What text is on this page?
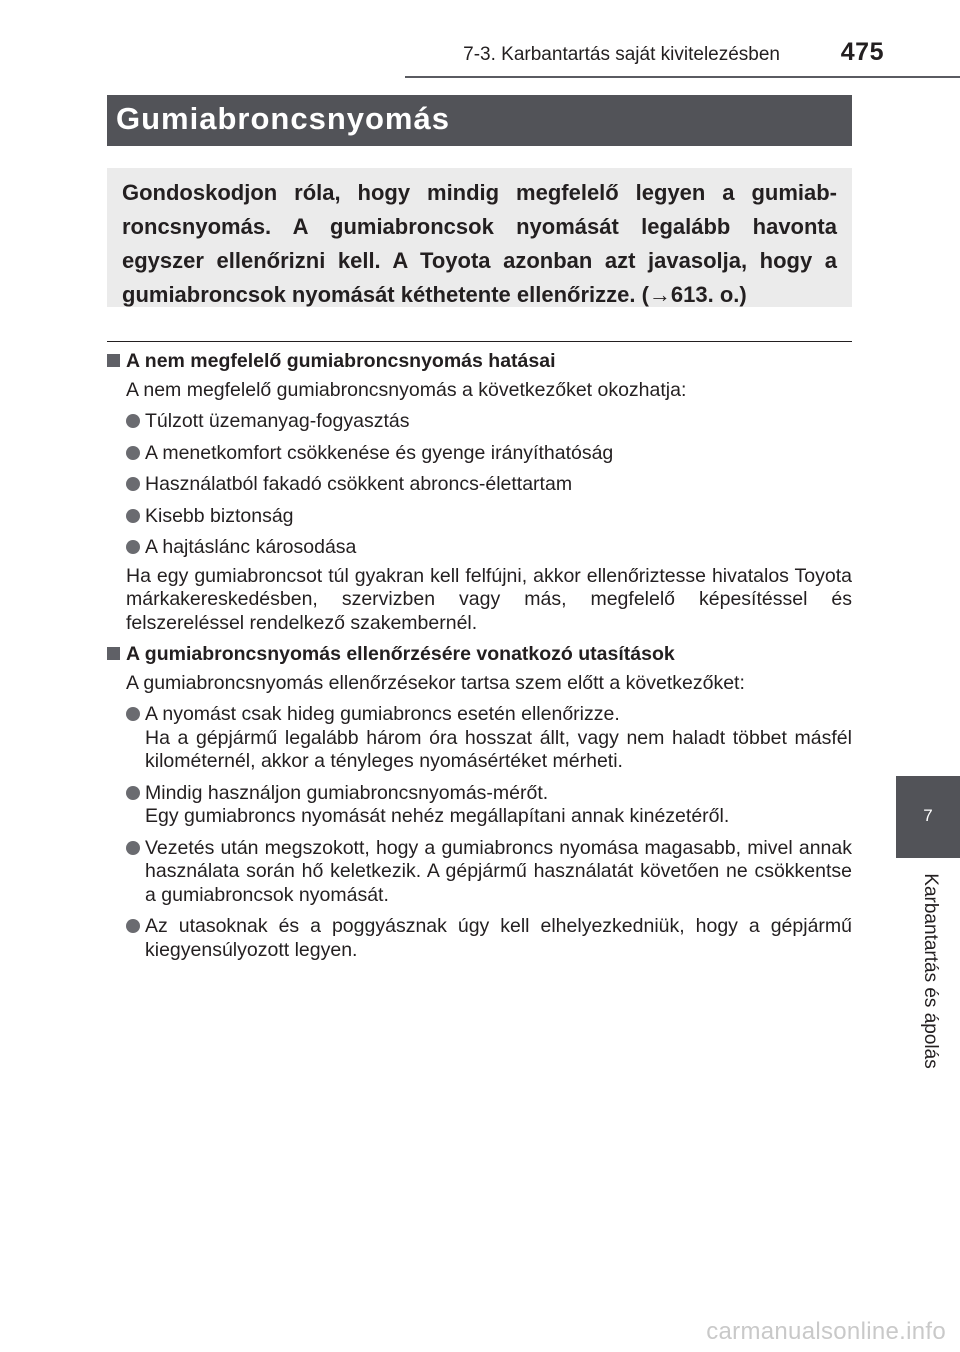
7-3. Karbantartás saját kivitelezésben 475
Gumiabroncsnyomás
Gondoskodjon róla, hogy mindig megfelelő legyen a gumiabroncsnyomás. A gumiabroncsok nyomását legalább havonta egyszer ellenőrizni kell. A Toyota azonban azt javasolja, hogy a gumiabroncsok nyomását kéthetente ellenőrizze. (→613. o.)
A nem megfelelő gumiabroncsnyomás hatásai
A nem megfelelő gumiabroncsnyomás a következőket okozhatja:
Túlzott üzemanyag-fogyasztás
A menetkomfort csökkenése és gyenge irányíthatóság
Használatból fakadó csökkent abroncs-élettartam
Kisebb biztonság
A hajtáslánc károsodása
Ha egy gumiabroncsot túl gyakran kell felfújni, akkor ellenőriztesse hivatalos Toyota márkakereskedésben, szervizben vagy más, megfelelő képesítéssel és felszereléssel rendelkező szakembernél.
A gumiabroncsnyomás ellenőrzésére vonatkozó utasítások
A gumiabroncsnyomás ellenőrzésekor tartsa szem előtt a következőket:
A nyomást csak hideg gumiabroncs esetén ellenőrizze.
Ha a gépjármű legalább három óra hosszat állt, vagy nem haladt többet másfél kilométernél, akkor a tényleges nyomásértéket mérheti.
Mindig használjon gumiabroncsnyomás-mérőt.
Egy gumiabroncs nyomását nehéz megállapítani annak kinézetéről.
Vezetés után megszokott, hogy a gumiabroncs nyomása magasabb, mivel annak használata során hő keletkezik. A gépjármű használatát követően ne csökkentse a gumiabroncsok nyomását.
Az utasoknak és a poggyásznak úgy kell elhelyezkedniük, hogy a gépjármű kiegyensúlyozott legyen.
7
Karbantartás és ápolás
carmanualsonline.info
